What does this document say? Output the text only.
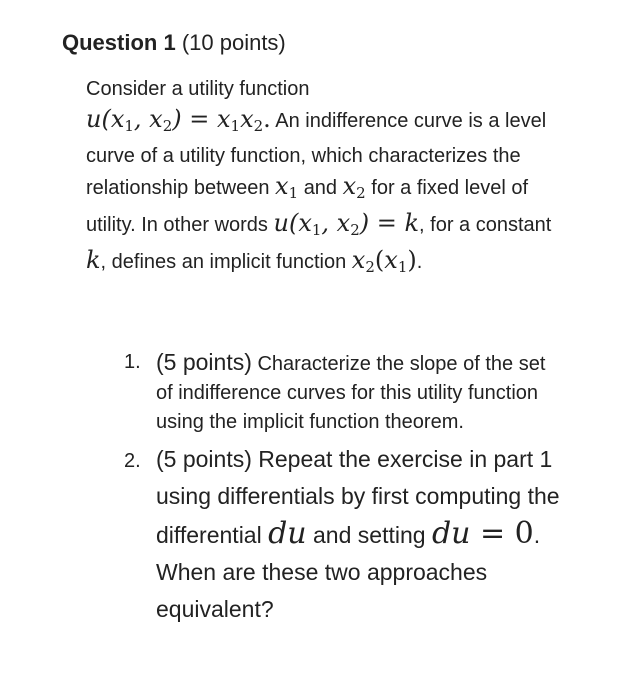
Question 1 (10 points)
Consider a utility function
$u(x_1$, $x_2) = x_1x_2$. An indifference curve is a level curve of a utility function, which characterizes the relationship between $x_1$ and $x_2$ for a fixed level of utility. In other words $u(x_1$, $x_2) = k$, for a constant k, defines an implicit function $x_2(x_1)$.
1. (5 points) Characterize the slope of the set of indifference curves for this utility function using the implicit function theorem.
2. (5 points) Repeat the exercise in part 1 using differentials by first computing the differential du and setting du = 0. When are these two approaches equivalent?
